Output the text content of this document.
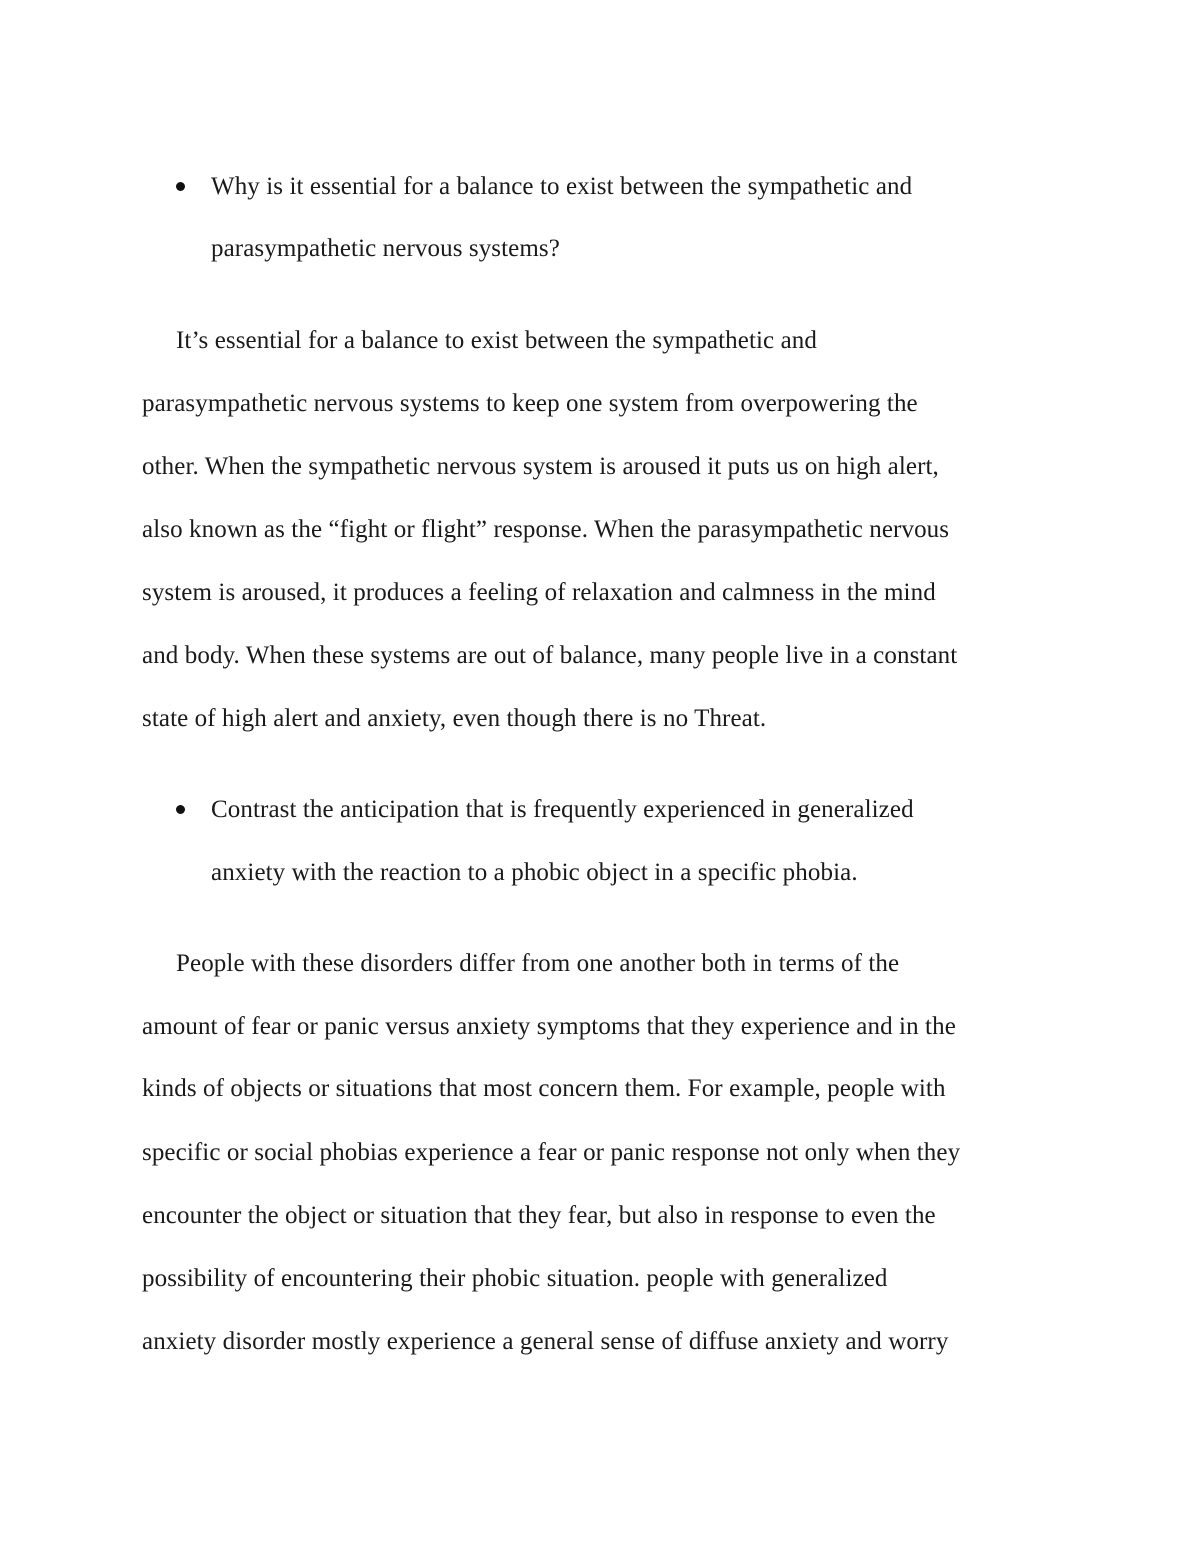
Why is it essential for a balance to exist between the sympathetic and
parasympathetic nervous systems?
It’s essential for a balance to exist between the sympathetic and
parasympathetic nervous systems to keep one system from overpowering the
other. When the sympathetic nervous system is aroused it puts us on high alert,
also known as the “fight or flight” response. When the parasympathetic nervous
system is aroused, it produces a feeling of relaxation and calmness in the mind
and body. When these systems are out of balance, many people live in a constant
state of high alert and anxiety, even though there is no Threat.
Contrast the anticipation that is frequently experienced in generalized
anxiety with the reaction to a phobic object in a specific phobia.
People with these disorders differ from one another both in terms of the
amount of fear or panic versus anxiety symptoms that they experience and in the
kinds of objects or situations that most concern them. For example, people with
specific or social phobias experience a fear or panic response not only when they
encounter the object or situation that they fear, but also in response to even the
possibility of encountering their phobic situation. people with generalized
anxiety disorder mostly experience a general sense of diffuse anxiety and worry
